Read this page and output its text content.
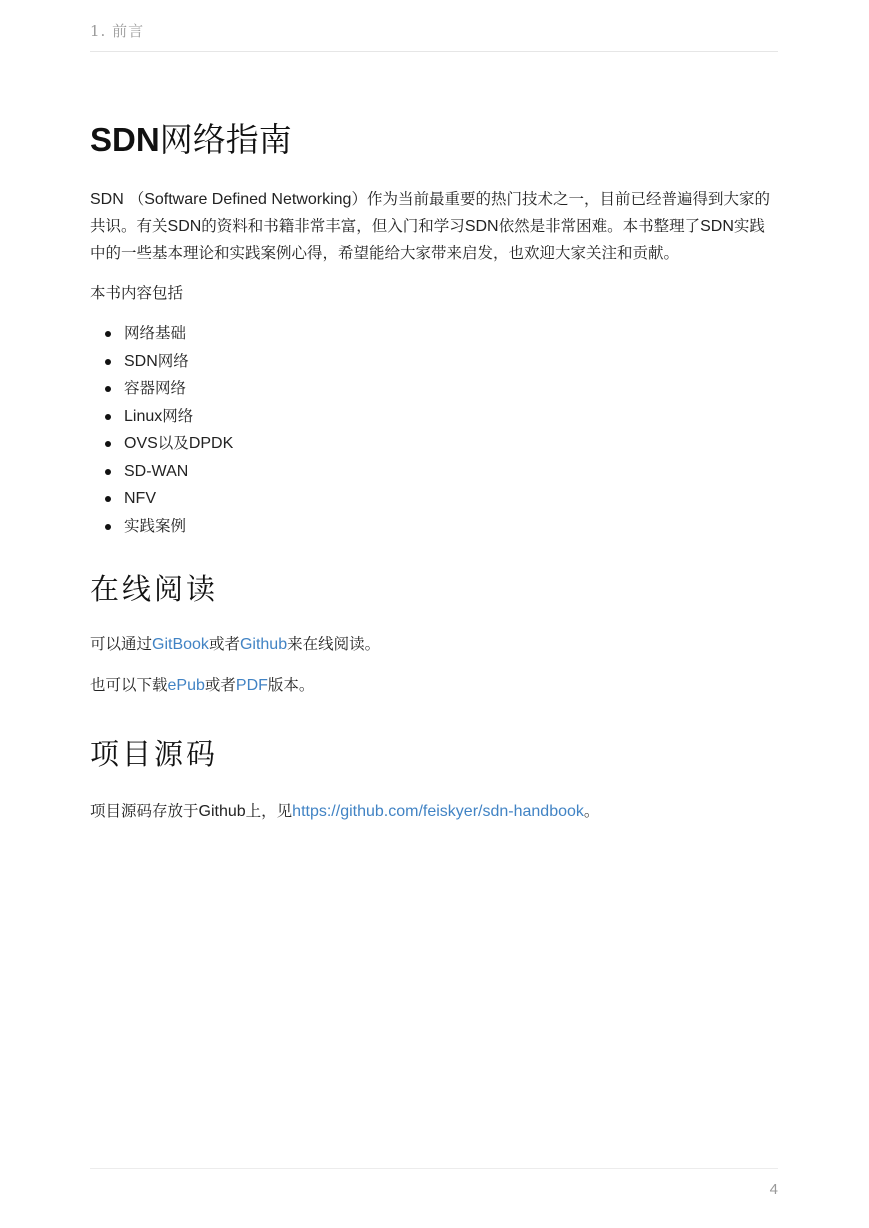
1. 前言
SDN网络指南

SDN （Software Defined Networking）作为当前最重要的热门技术之一，目前已经普遍得到大家的共识。有关SDN的资料和书籍非常丰富，但入门和学习SDN依然是非常困难。本书整理了SDN实践中的一些基本理论和实践案例心得，希望能给大家带来启发，也欢迎大家关注和贡献。

本书内容包括

网络基础
SDN网络
容器网络
Linux网络
OVS以及DPDK
SD-WAN
NFV
实践案例
在线阅读

可以通过GitBook或者Github来在线阅读。

也可以下载ePub或者PDF版本。

项目源码

项目源码存放于Github上，见https://github.com/feiskyer/sdn-handbook。

4
